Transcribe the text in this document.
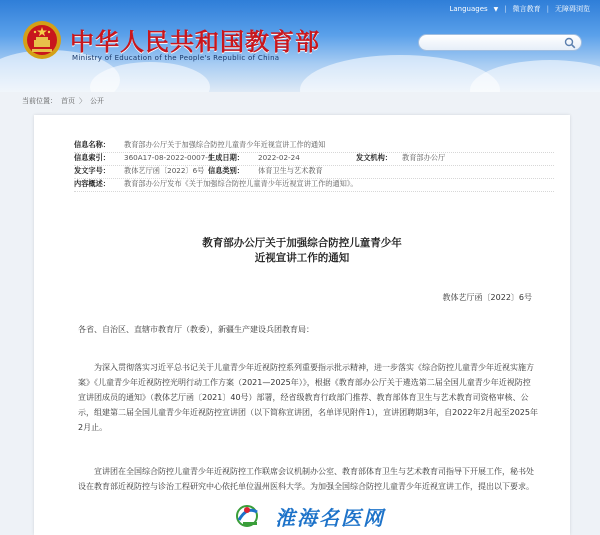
Languages ▼ | 微言教育 | 无障碍浏览
中华人民共和国教育部
Ministry of Education of the People's Republic of China
当前位置： 首页 〉 公开
信息名称： 教育部办公厅关于加强综合防控儿童青少年近视宣讲工作的通知
信息索引： 360A17-08-2022-0007-1
生成日期： 2022-02-24	发文机构： 教育部办公厅
发文字号： 教体艺厅函〔2022〕6号 信息类别： 体育卫生与艺术教育
内容概述： 教育部办公厅发布《关于加强综合防控儿童青少年近视宣讲工作的通知》。
教育部办公厅关于加强综合防控儿童青少年
近视宣讲工作的通知
教体艺厅函〔2022〕6号
各省、自治区、直辖市教育厅（教委），新疆生产建设兵团教育局：
为深入贯彻落实习近平总书记关于儿童青少年近视防控系列重要指示批示精神，进一步落实《综合防控儿童青少年近视实施方案》《儿童青少年近视防控光明行动工作方案（2021—2025年）》，根据《教育部办公厅关于遴选第二届全国儿童青少年近视防控宣讲团成员的通知》（教体艺厅函〔2021〕40号）部署，经省级教育行政部门推荐、教育部体育卫生与艺术教育司资格审核、公示，组建第二届全国儿童青少年近视防控宣讲团（以下简称宣讲团，名单详见附件1），宣讲团聘期3年，自2022年2月起至2025年2月止。
宣讲团在全国综合防控儿童青少年近视防控工作联席会议机制办公室、教育部体育卫生与艺术教育司指导下开展工作，秘书处设在教育部近视防控与诊治工程研究中心依托单位温州医科大学。为加强全国综合防控儿童青少年近视宣讲工作，提出以下要求。
淮海名医网
